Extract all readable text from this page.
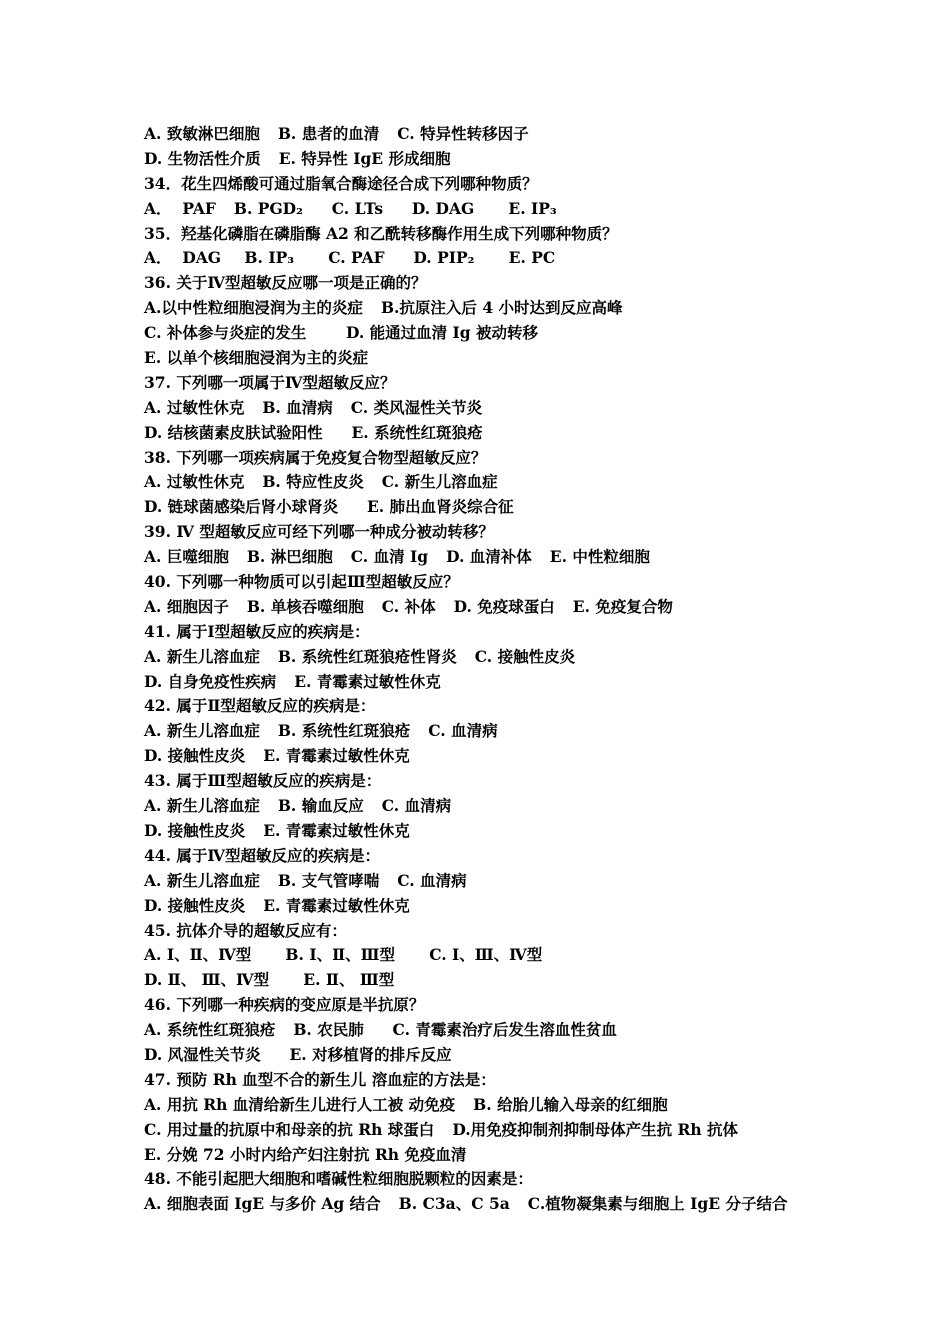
A. 致敏淋巴细胞 B. 患者的血清 C. 特异性转移因子
D. 生物活性介质 E. 特异性 IgE 形成细胞
34．花生四烯酸可通过脂氧合酶途径合成下列哪种物质？
A．  PAF B. PGD₂  C. LTs  D. DAG   E. IP₃
35．羟基化磷脂在磷脂酶 A2 和乙酰转移酶作用生成下列哪种物质？
A．  DAG B. IP₃   C. PAF  D. PIP₂   E. PC
36. 关于Ⅳ型超敏反应哪一项是正确的？
A.以中性粒细胞浸润为主的炎症 B.抗原注入后 4 小时达到反应高峰
C. 补体参与炎症的发生    D. 能通过血清 Ig 被动转移
E. 以单个核细胞浸润为主的炎症
37. 下列哪一项属于Ⅳ型超敏反应？
A. 过敏性休克 B. 血清病 C. 类风湿性关节炎
D. 结核菌素皮肤试验阳性  E. 系统性红斑狼疮
38. 下列哪一项疾病属于免疫复合物型超敏反应？
A. 过敏性休克 B. 特应性皮炎 C. 新生儿溶血症
D. 链球菌感染后肾小球肾炎  E. 肺出血肾炎综合征
39. Ⅳ 型超敏反应可经下列哪一种成分被动转移？
A. 巨噬细胞 B. 淋巴细胞 C. 血清 Ig D. 血清补体 E. 中性粒细胞
40. 下列哪一种物质可以引起Ⅲ型超敏反应？
A. 细胞因子 B. 单核吞噬细胞 C. 补体 D. 免疫球蛋白 E. 免疫复合物
41. 属于Ⅰ型超敏反应的疾病是：
A. 新生儿溶血症 B. 系统性红斑狼疮性肾炎 C. 接触性皮炎
D. 自身免疫性疾病 E. 青霉素过敏性休克
42. 属于Ⅱ型超敏反应的疾病是：
A. 新生儿溶血症 B. 系统性红斑狼疮 C. 血清病
D. 接触性皮炎 E. 青霉素过敏性休克
43. 属于Ⅲ型超敏反应的疾病是：
A. 新生儿溶血症 B. 输血反应 C. 血清病
D. 接触性皮炎 E. 青霉素过敏性休克
44. 属于Ⅳ型超敏反应的疾病是：
A. 新生儿溶血症 B. 支气管哮喘 C. 血清病
D. 接触性皮炎 E. 青霉素过敏性休克
45. 抗体介导的超敏反应有：
A. Ⅰ、Ⅱ、Ⅳ型   B. Ⅰ、Ⅱ、Ⅲ型   C. Ⅰ、Ⅲ、Ⅳ型
D. Ⅱ、 Ⅲ、Ⅳ型   E. Ⅱ、 Ⅲ型
46. 下列哪一种疾病的变应原是半抗原？
A. 系统性红斑狼疮 B. 农民肺  C. 青霉素治疗后发生溶血性贫血
D. 风湿性关节炎  E. 对移植肾的排斥反应
47. 预防 Rh 血型不合的新生儿 溶血症的方法是：
A. 用抗 Rh 血清给新生儿进行人工被 动免疫 B. 给胎儿输入母亲的红细胞
C. 用过量的抗原中和母亲的抗 Rh 球蛋白 D.用免疫抑制剂抑制母体产生抗 Rh 抗体
E. 分娩 72 小时内给产妇注射抗 Rh 免疫血清
48. 不能引起肥大细胞和嗜碱性粒细胞脱颗粒的因素是：
A. 细胞表面 IgE 与多价 Ag 结合 B. C3a、C 5a C.植物凝集素与细胞上 IgE 分子结合
